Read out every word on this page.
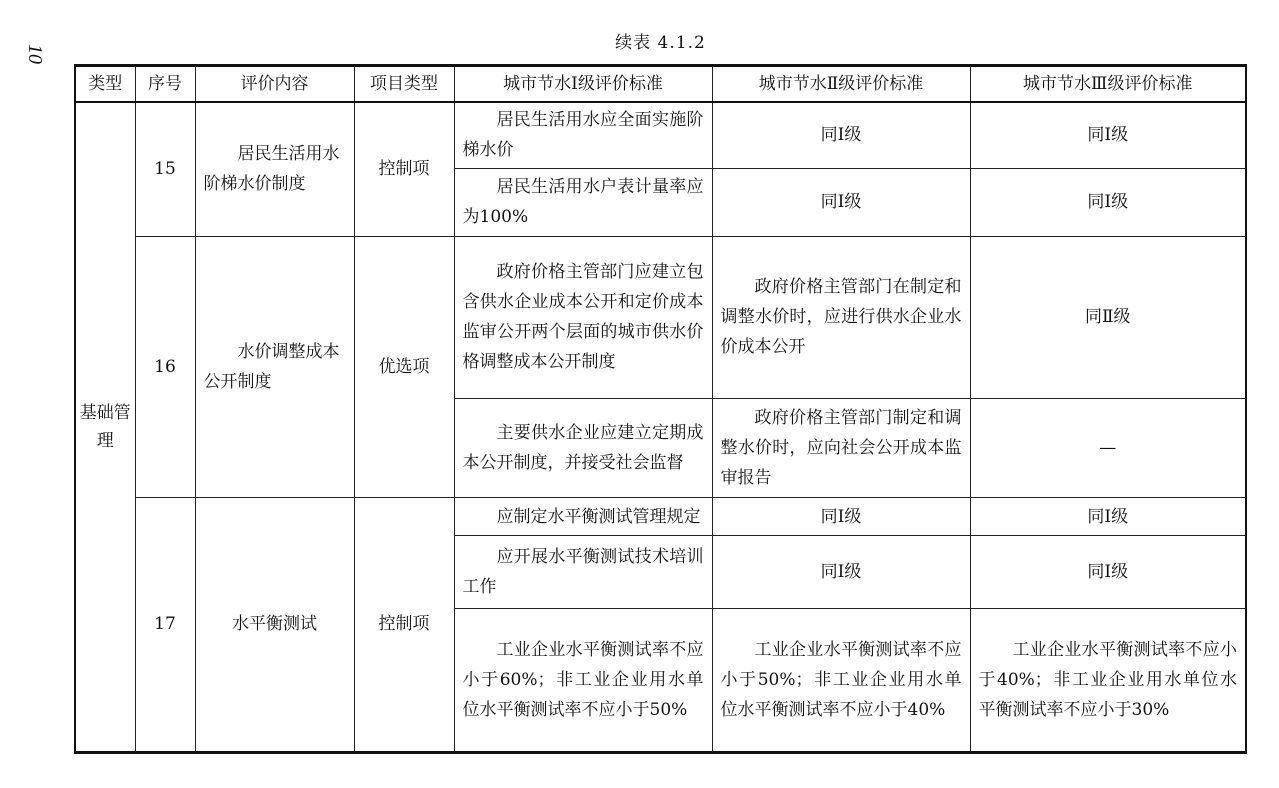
10
续表 4.1.2
类型	序号	评价内容	项目类型	城市节水Ⅰ级评价标准	城市节水Ⅱ级评价标准	城市节水Ⅲ级评价标准
基础管理	15	居民生活用水阶梯水价制度	控制项	居民生活用水应全面实施阶梯水价	同Ⅰ级	同Ⅰ级
				居民生活用水户表计量率应为100%	同Ⅰ级	同Ⅰ级
	16	水价调整成本公开制度	优选项	政府价格主管部门应建立包含供水企业成本公开和定价成本监审公开两个层面的城市供水价格调整成本公开制度	政府价格主管部门在制定和调整水价时，应进行供水企业水价成本公开	同Ⅱ级
				主要供水企业应建立定期成本公开制度，并接受社会监督	政府价格主管部门制定和调整水价时，应向社会公开成本监审报告	—
	17	水平衡测试	控制项	应制定水平衡测试管理规定	同Ⅰ级	同Ⅰ级
				应开展水平衡测试技术培训工作	同Ⅰ级	同Ⅰ级
				工业企业水平衡测试率不应小于60%；非工业企业用水单位水平衡测试率不应小于50%	工业企业水平衡测试率不应小于50%；非工业企业用水单位水平衡测试率不应小于40%	工业企业水平衡测试率不应小于40%；非工业企业用水单位水平衡测试率不应小于30%
